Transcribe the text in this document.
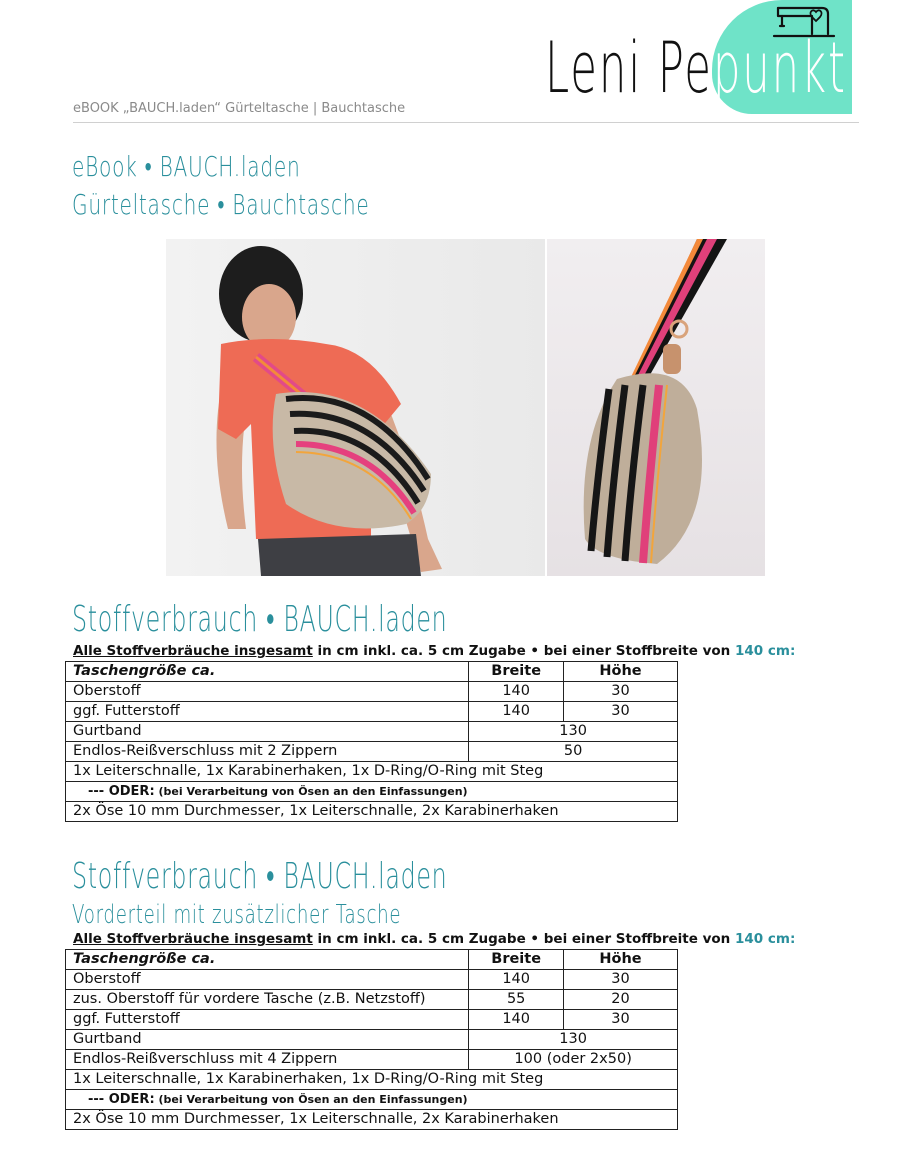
Leni Pepunkt.
eBOOK „BAUCH.laden“ Gürteltasche | Bauchtasche
eBook • BAUCH.laden
Gürteltasche • Bauchtasche
Stoffverbrauch • BAUCH.laden
Alle Stoffverbräuche insgesamt in cm inkl. ca. 5 cm Zugabe • bei einer Stoffbreite von 140 cm:
Taschengröße ca.	Breite	Höhe
Oberstoff	140	30
ggf. Futterstoff	140	30
Gurtband	130	
Endlos-Reißverschluss mit 2 Zippern	50	
1x Leiterschnalle, 1x Karabinerhaken, 1x D-Ring/O-Ring mit Steg		
--- ODER: (bei Verarbeitung von Ösen an den Einfassungen)		
2x Öse 10 mm Durchmesser, 1x Leiterschnalle, 2x Karabinerhaken		
Stoffverbrauch • BAUCH.laden
Vorderteil mit zusätzlicher Tasche
Alle Stoffverbräuche insgesamt in cm inkl. ca. 5 cm Zugabe • bei einer Stoffbreite von 140 cm:
Taschengröße ca.	Breite	Höhe
Oberstoff	140	30
zus. Oberstoff für vordere Tasche (z.B. Netzstoff)	55	20
ggf. Futterstoff	140	30
Gurtband	130	
Endlos-Reißverschluss mit 4 Zippern	100 (oder 2x50)	
1x Leiterschnalle, 1x Karabinerhaken, 1x D-Ring/O-Ring mit Steg		
--- ODER: (bei Verarbeitung von Ösen an den Einfassungen)		
2x Öse 10 mm Durchmesser, 1x Leiterschnalle, 2x Karabinerhaken		
